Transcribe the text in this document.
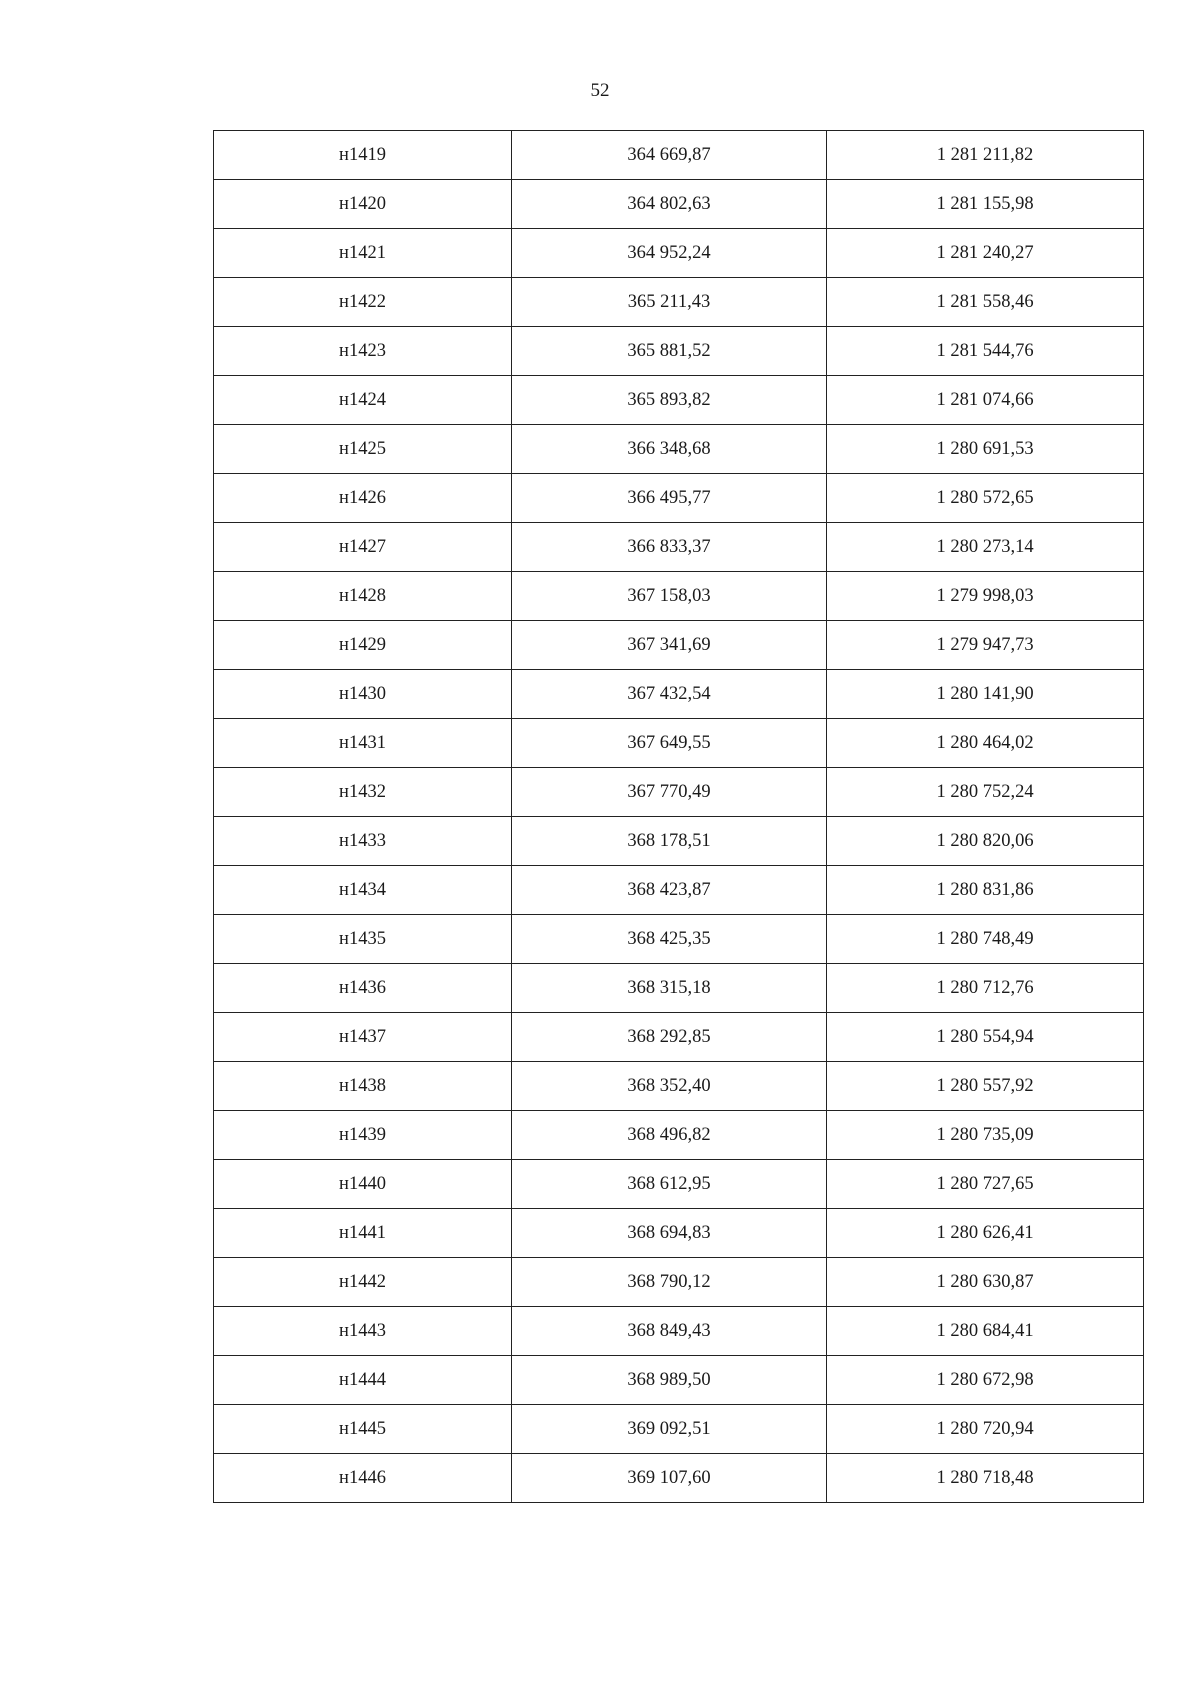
52
н1419	364 669,87	1 281 211,82
н1420	364 802,63	1 281 155,98
н1421	364 952,24	1 281 240,27
н1422	365 211,43	1 281 558,46
н1423	365 881,52	1 281 544,76
н1424	365 893,82	1 281 074,66
н1425	366 348,68	1 280 691,53
н1426	366 495,77	1 280 572,65
н1427	366 833,37	1 280 273,14
н1428	367 158,03	1 279 998,03
н1429	367 341,69	1 279 947,73
н1430	367 432,54	1 280 141,90
н1431	367 649,55	1 280 464,02
н1432	367 770,49	1 280 752,24
н1433	368 178,51	1 280 820,06
н1434	368 423,87	1 280 831,86
н1435	368 425,35	1 280 748,49
н1436	368 315,18	1 280 712,76
н1437	368 292,85	1 280 554,94
н1438	368 352,40	1 280 557,92
н1439	368 496,82	1 280 735,09
н1440	368 612,95	1 280 727,65
н1441	368 694,83	1 280 626,41
н1442	368 790,12	1 280 630,87
н1443	368 849,43	1 280 684,41
н1444	368 989,50	1 280 672,98
н1445	369 092,51	1 280 720,94
н1446	369 107,60	1 280 718,48
